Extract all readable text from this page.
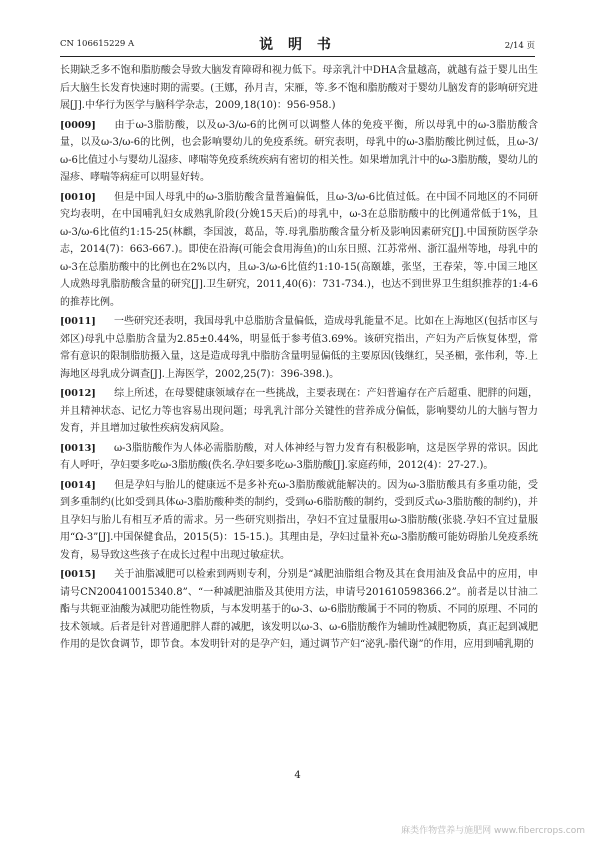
CN 106615229 A	说 明 书	2/14 页

长期缺乏多不饱和脂肪酸会导致大脑发育障碍和视力低下。母亲乳汁中DHA含量越高，就越有益于婴儿出生后大脑生长发育快速时期的需要。(王娜，孙月吉，宋雁，等.多不饱和脂肪酸对于婴幼儿脑发育的影响研究进展[J].中华行为医学与脑科学杂志，2009,18(10)：956-958.)

[0009] 由于ω-3脂肪酸，以及ω-3/ω-6的比例可以调整人体的免疫平衡，所以母乳中的ω-3脂肪酸含量，以及ω-3/ω-6的比例，也会影响婴幼儿的免疫系统。研究表明，母乳中的ω-3脂肪酸比例过低，且ω-3/ω-6比值过小与婴幼儿湿疹、哮喘等免疫系统疾病有密切的相关性。如果增加乳汁中的ω-3脂肪酸，婴幼儿的湿疹、哮喘等病症可以明显好转。

[0010] 但是中国人母乳中的ω-3脂肪酸含量普遍偏低，且ω-3/ω-6比值过低。在中国不同地区的不同研究均表明，在中国哺乳妇女成熟乳阶段(分娩15天后)的母乳中，ω-3在总脂肪酸中的比例通常低于1%，且ω-3/ω-6比值约1:15-25(林麒，李国波，葛品，等.母乳脂肪酸含量分析及影响因素研究[J].中国预防医学杂志，2014(7)：663-667.)。即使在沿海(可能会食用海鱼)的山东日照、江苏常州、浙江温州等地，母乳中的ω-3在总脂肪酸中的比例也在2%以内，且ω-3/ω-6比值约1:10-15(高颐雄，张坚，王春荣，等.中国三地区人成熟母乳脂肪酸含量的研究[J].卫生研究，2011,40(6)：731-734.)，也达不到世界卫生组织推荐的1:4-6的推荐比例。

[0011] 一些研究还表明，我国母乳中总脂肪含量偏低，造成母乳能量不足。比如在上海地区(包括市区与郊区)母乳中总脂肪含量为2.85±0.44%，明显低于参考值3.69%。该研究指出，产妇为产后恢复体型，常常有意识的限制脂肪摄入量，这是造成母乳中脂肪含量明显偏低的主要原因(钱继红，吴圣楣，张伟利，等.上海地区母乳成分调查[J].上海医学，2002,25(7)：396-398.)。

[0012] 综上所述，在母婴健康领域存在一些挑战，主要表现在：产妇普遍存在产后超重、肥胖的问题，并且精神状态、记忆力等也容易出现问题；母乳乳汁部分关键性的营养成分偏低，影响婴幼儿的大脑与智力发育，并且增加过敏性疾病发病风险。

[0013] ω-3脂肪酸作为人体必需脂肪酸，对人体神经与智力发育有积极影响，这是医学界的常识。因此有人呼吁，孕妇要多吃ω-3脂肪酸(佚名.孕妇要多吃ω-3脂肪酸[J].家庭药师，2012(4)：27-27.)。

[0014] 但是孕妇与胎儿的健康远不是多补充ω-3脂肪酸就能解决的。因为ω-3脂肪酸具有多重功能，受到多重制约(比如受到具体ω-3脂肪酸种类的制约，受到ω-6脂肪酸的制约，受到反式ω-3脂肪酸的制约)，并且孕妇与胎儿有相互矛盾的需求。另一些研究则指出，孕妇不宜过量服用ω-3脂肪酸(张骁.孕妇不宜过量服用“Ω-3”[J].中国保健食品，2015(5)：15-15.)。其理由是，孕妇过量补充ω-3脂肪酸可能妨碍胎儿免疫系统发育，易导致这些孩子在成长过程中出现过敏症状。

[0015] 关于油脂减肥可以检索到两则专利，分别是“减肥油脂组合物及其在食用油及食品中的应用，申请号CN200410015340.8”、“一种减肥油脂及其使用方法，申请号201610598366.2”。前者是以甘油二酯与共轭亚油酸为减肥功能性物质，与本发明基于的ω-3、ω-6脂肪酸属于不同的物质、不同的原理、不同的技术领域。后者是针对普通肥胖人群的减肥，该发明以ω-3、ω-6脂肪酸作为辅助性减肥物质，真正起到减肥作用的是饮食调节，即节食。本发明针对的是孕产妇，通过调节产妇“泌乳-脂代谢”的作用，应用到哺乳期的

4
麻类作物营养与施肥网 www.fibercrops.com
